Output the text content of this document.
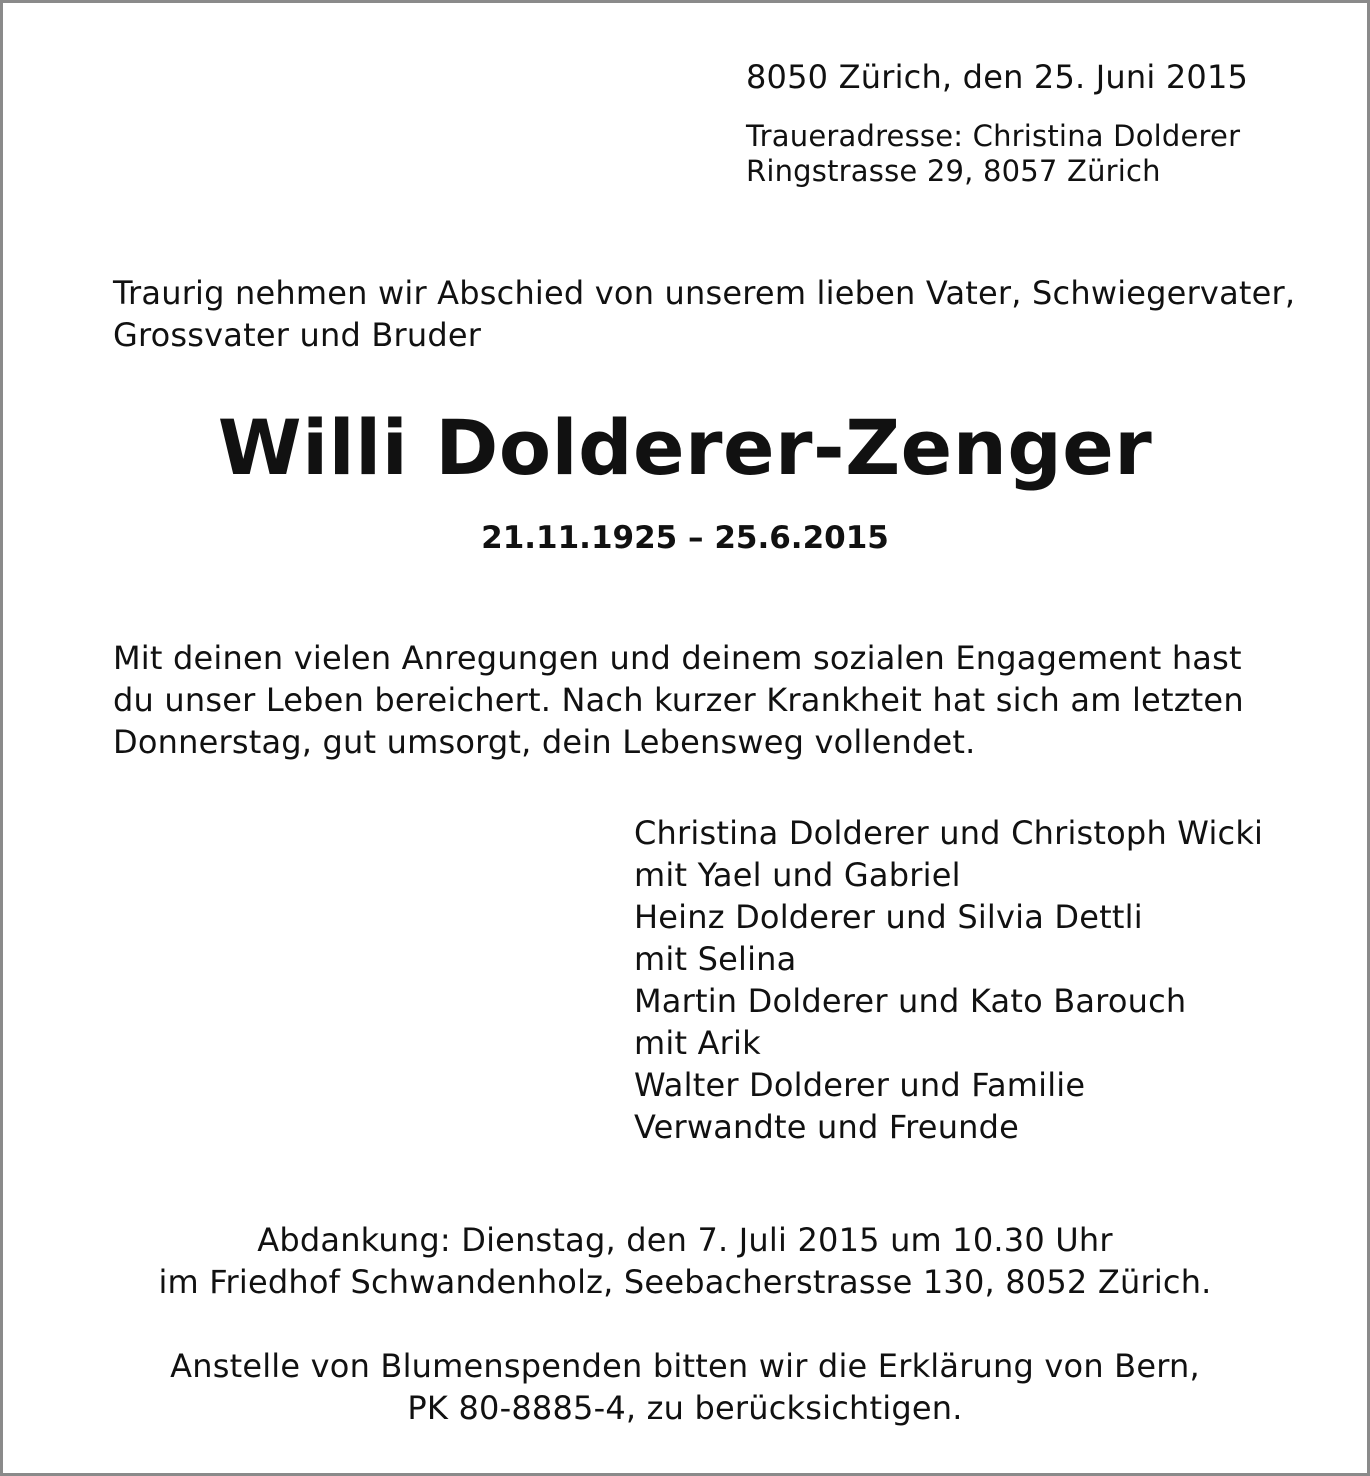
8050 Zürich, den 25. Juni 2015
Traueradresse: Christina Dolderer
Ringstrasse 29, 8057 Zürich
Traurig nehmen wir Abschied von unserem lieben Vater, Schwiegervater,
Grossvater und Bruder
Willi Dolderer-Zenger
21.11.1925 – 25.6.2015
Mit deinen vielen Anregungen und deinem sozialen Engagement hast
du unser Leben bereichert. Nach kurzer Krankheit hat sich am letzten
Donnerstag, gut umsorgt, dein Lebensweg vollendet.
Christina Dolderer und Christoph Wicki
mit Yael und Gabriel
Heinz Dolderer und Silvia Dettli
mit Selina
Martin Dolderer und Kato Barouch
mit Arik
Walter Dolderer und Familie
Verwandte und Freunde
Abdankung: Dienstag, den 7. Juli 2015 um 10.30 Uhr
im Friedhof Schwandenholz, Seebacherstrasse 130, 8052 Zürich.
Anstelle von Blumenspenden bitten wir die Erklärung von Bern,
PK 80-8885-4, zu berücksichtigen.
